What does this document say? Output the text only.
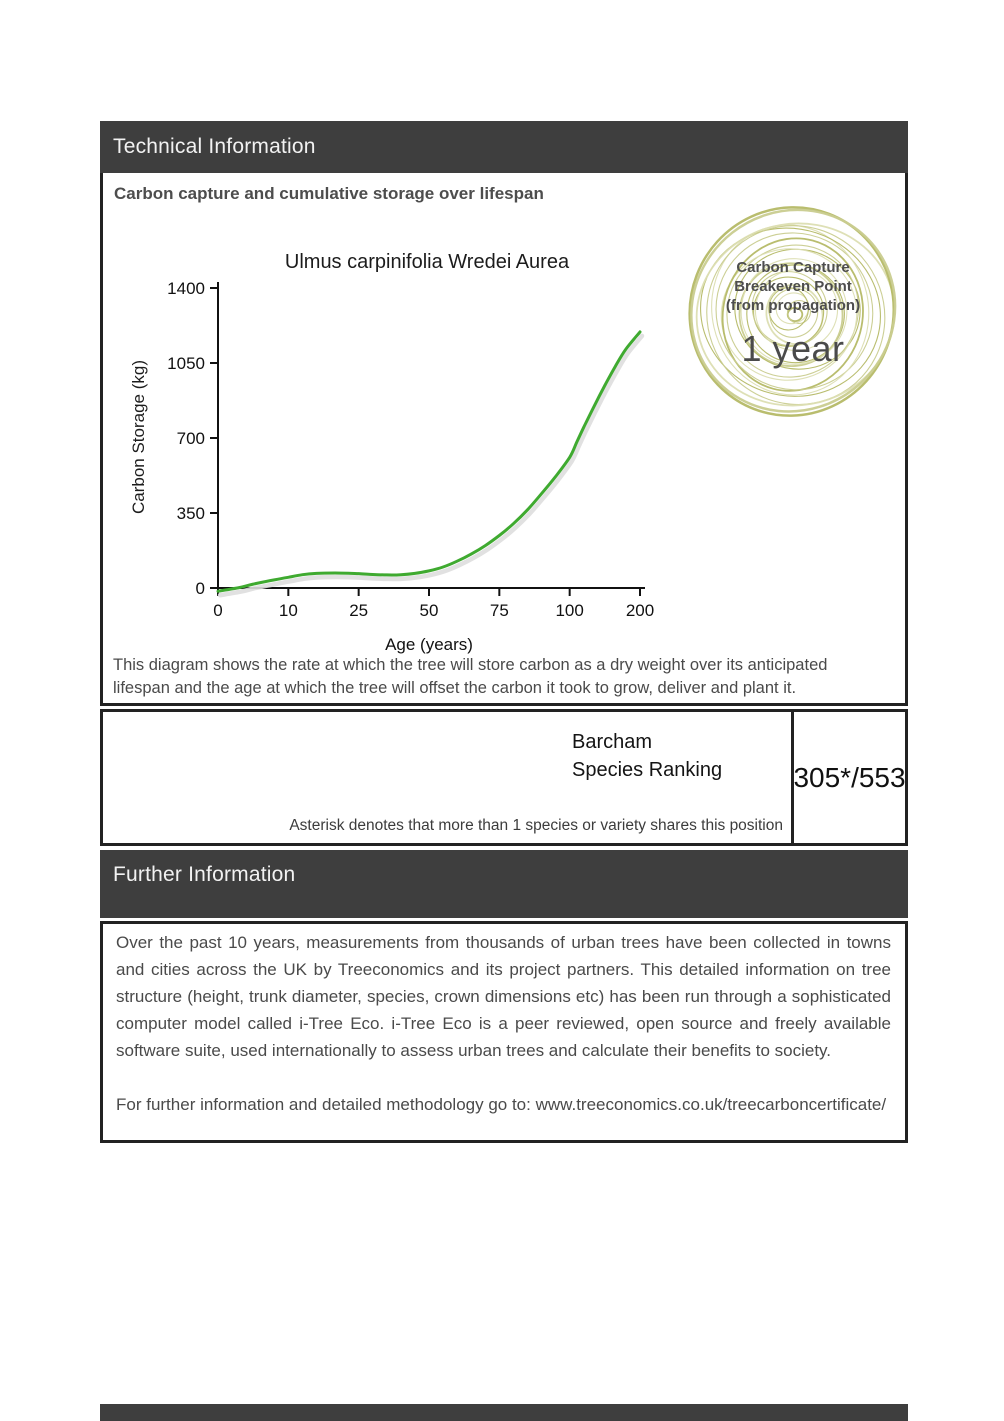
Technical Information
Carbon capture and cumulative storage over lifespan
Ulmus carpinifolia Wredei Aurea
Carbon Storage (kg)
0
350
700
1050
1400
0	10	25	50	75	100 200
Age (years)
This diagram shows the rate at which the tree will store carbon as a dry weight over its anticipated lifespan and the age at which the tree will offset the carbon it took to grow, deliver and plant it.
Carbon Capture
Breakeven Point
(from propagation)
1 year
Barcham
Species Ranking
Asterisk denotes that more than 1 species or variety shares this position
305*/553
Further Information

Over the past 10 years, measurements from thousands of urban trees have been collected in towns and cities across the UK by Treeconomics and its project partners. This detailed information on tree structure (height, trunk diameter, species, crown dimensions etc) has been run through a sophisticated computer model called i-Tree Eco. i-Tree Eco is a peer reviewed, open source and freely available software suite, used internationally to assess urban trees and calculate their benefits to society.

For further information and detailed methodology go to: www.treeconomics.co.uk/treecarboncertificate/
